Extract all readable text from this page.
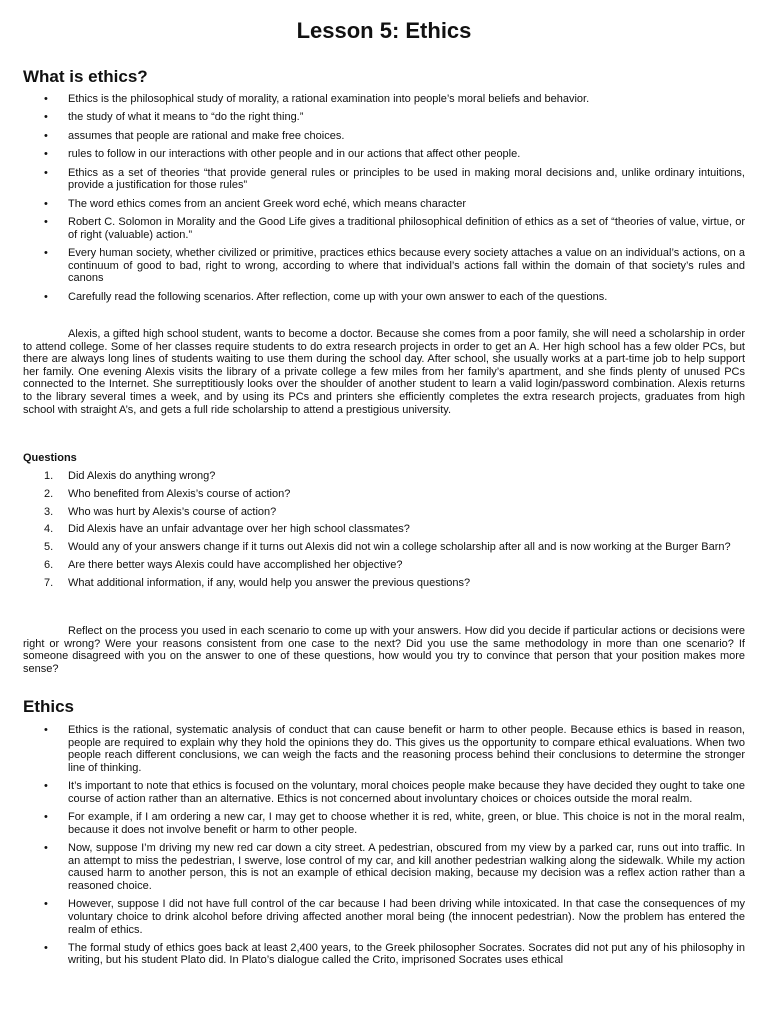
Lesson 5: Ethics
What is ethics?
• Ethics is the philosophical study of morality, a rational examination into people’s moral beliefs and behavior.
• the study of what it means to “do the right thing.”
• assumes that people are rational and make free choices.
• rules to follow in our interactions with other people and in our actions that affect other people.
• Ethics as a set of theories “that provide general rules or principles to be used in making moral decisions and, unlike ordinary intuitions, provide a justification for those rules”
• The word ethics comes from an ancient Greek word eché, which means character
• Robert C. Solomon in Morality and the Good Life gives a traditional philosophical definition of ethics as a set of “theories of value, virtue, or of right (valuable) action.”
• Every human society, whether civilized or primitive, practices ethics because every society attaches a value on an individual’s actions, on a continuum of good to bad, right to wrong, according to where that individual’s actions fall within the domain of that society’s rules and canons
• Carefully read the following scenarios. After reflection, come up with your own answer to each of the questions.

Alexis, a gifted high school student, wants to become a doctor. Because she comes from a poor family, she will need a scholarship in order to attend college. Some of her classes require students to do extra research projects in order to get an A. Her high school has a few older PCs, but there are always long lines of students waiting to use them during the school day. After school, she usually works at a part-time job to help support her family. One evening Alexis visits the library of a private college a few miles from her family’s apartment, and she finds plenty of unused PCs connected to the Internet. She surreptitiously looks over the shoulder of another student to learn a valid login/password combination. Alexis returns to the library several times a week, and by using its PCs and printers she efficiently completes the extra research projects, graduates from high school with straight A’s, and gets a full ride scholarship to attend a prestigious university.

Questions

1. Did Alexis do anything wrong?
2. Who benefited from Alexis’s course of action?
3. Who was hurt by Alexis’s course of action?
4. Did Alexis have an unfair advantage over her high school classmates?
5. Would any of your answers change if it turns out Alexis did not win a college scholarship after all and is now working at the Burger Barn?
6. Are there better ways Alexis could have accomplished her objective?
7. What additional information, if any, would help you answer the previous questions?

Reflect on the process you used in each scenario to come up with your answers. How did you decide if particular actions or decisions were right or wrong? Were your reasons consistent from one case to the next? Did you use the same methodology in more than one scenario? If someone disagreed with you on the answer to one of these questions, how would you try to convince that person that your position makes more sense?

Ethics
• Ethics is the rational, systematic analysis of conduct that can cause benefit or harm to other people. Because ethics is based in reason, people are required to explain why they hold the opinions they do. This gives us the opportunity to compare ethical evaluations. When two people reach different conclusions, we can weigh the facts and the reasoning process behind their conclusions to determine the stronger line of thinking.
• It’s important to note that ethics is focused on the voluntary, moral choices people make because they have decided they ought to take one course of action rather than an alternative. Ethics is not concerned about involuntary choices or choices outside the moral realm.
• For example, if I am ordering a new car, I may get to choose whether it is red, white, green, or blue. This choice is not in the moral realm, because it does not involve benefit or harm to other people.
• Now, suppose I’m driving my new red car down a city street. A pedestrian, obscured from my view by a parked car, runs out into traffic. In an attempt to miss the pedestrian, I swerve, lose control of my car, and kill another pedestrian walking along the sidewalk. While my action caused harm to another person, this is not an example of ethical decision making, because my decision was a reflex action rather than a reasoned choice.
• However, suppose I did not have full control of the car because I had been driving while intoxicated. In that case the consequences of my voluntary choice to drink alcohol before driving affected another moral being (the innocent pedestrian). Now the problem has entered the realm of ethics.
• The formal study of ethics goes back at least 2,400 years, to the Greek philosopher Socrates. Socrates did not put any of his philosophy in writing, but his student Plato did. In Plato’s dialogue called the Crito, imprisoned Socrates uses ethical
